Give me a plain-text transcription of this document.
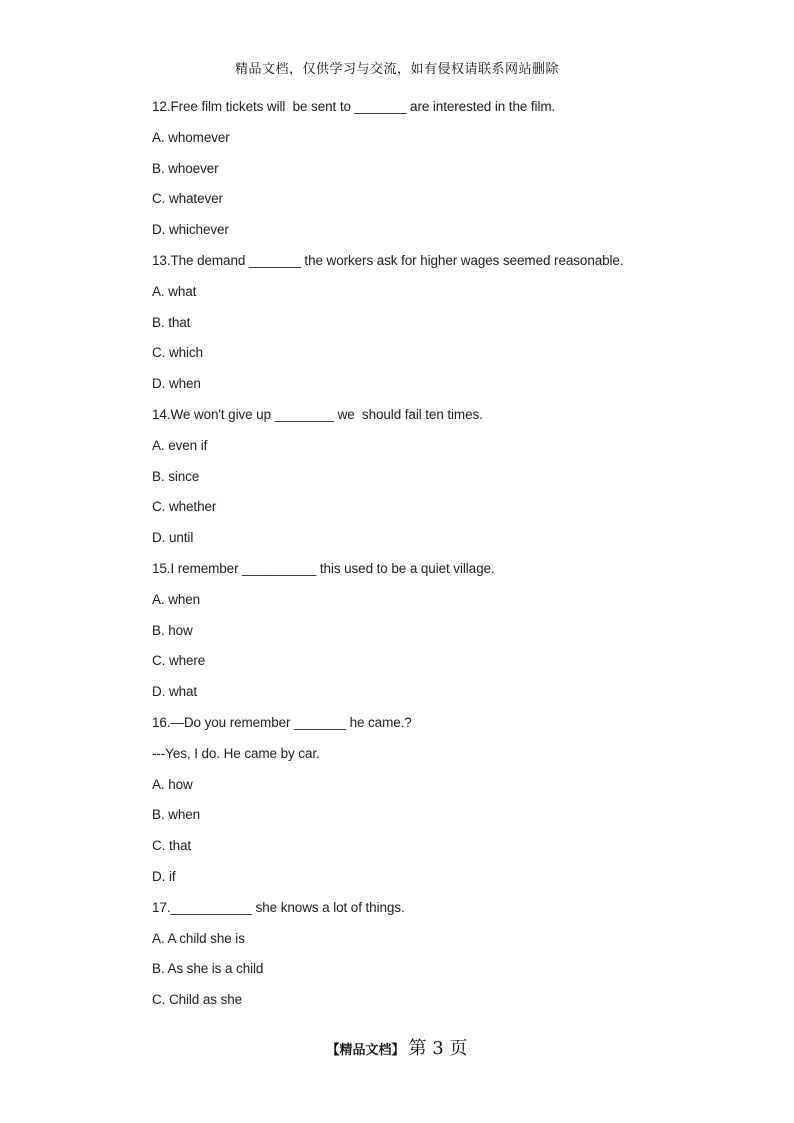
精品文档，仅供学习与交流，如有侵权请联系网站删除
12.Free film tickets will  be sent to _______ are interested in the film.
A. whomever
B. whoever
C. whatever
D. whichever
13.The demand _______ the workers ask for higher wages seemed reasonable.
A. what
B. that
C. which
D. when
14.We won't give up ________ we  should fail ten times.
A. even if
B. since
C. whether
D. until
15.I remember __________ this used to be a quiet village.
A. when
B. how
C. where
D. what
16.—Do you remember _______ he came.?
---Yes, I do. He came by car.
A. how
B. when
C. that
D. if
17.___________ she knows a lot of things.
A. A child she is
B. As she is a child
C. Child as she
【精品文档】 第 3 页
